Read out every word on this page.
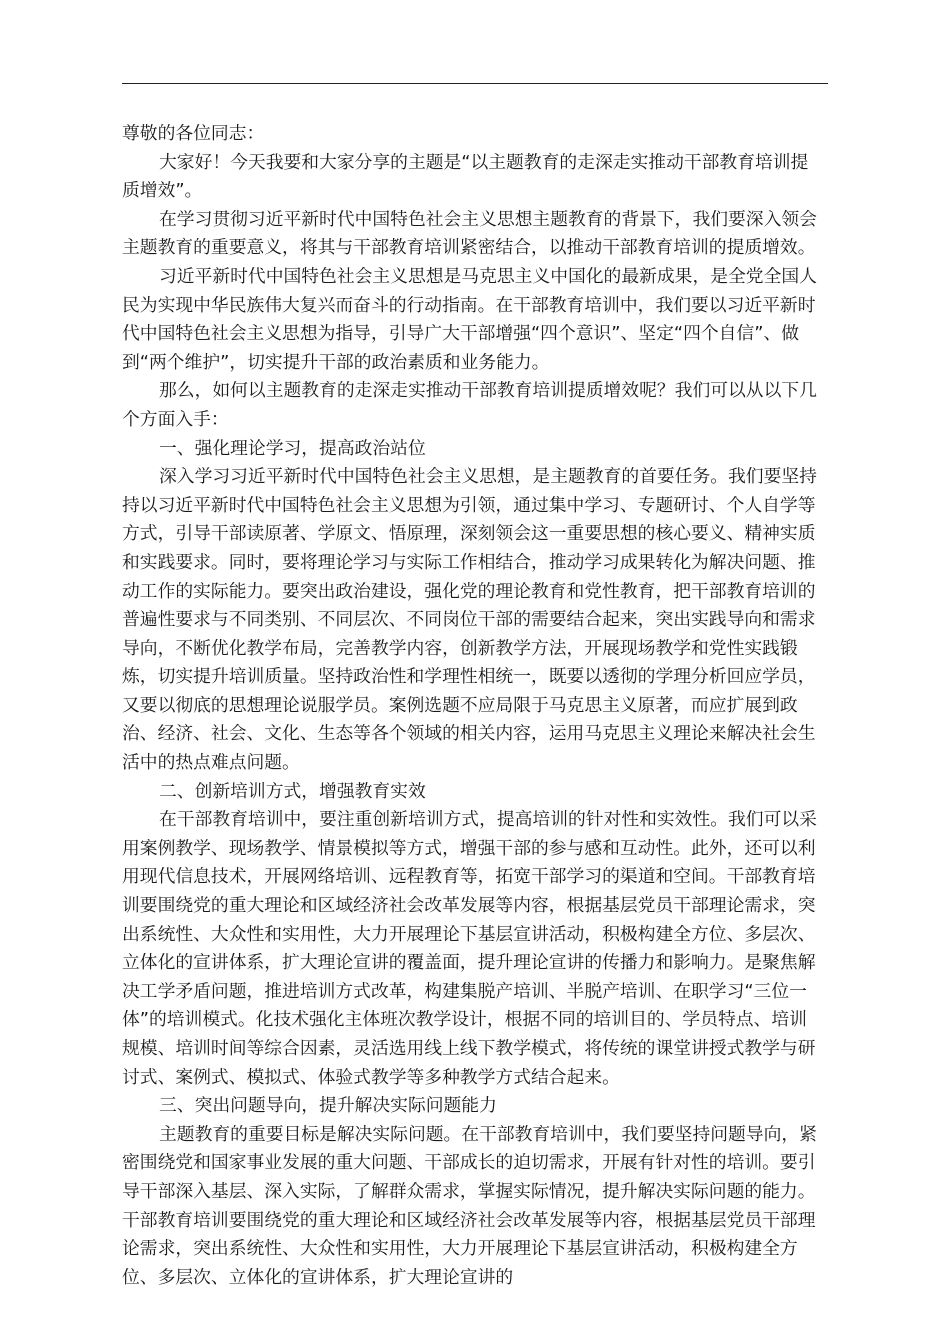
尊敬的各位同志：

大家好！今天我要和大家分享的主题是“以主题教育的走深走实推动干部教育培训提质增效”。

在学习贯彻习近平新时代中国特色社会主义思想主题教育的背景下，我们要深入领会主题教育的重要意义，将其与干部教育培训紧密结合，以推动干部教育培训的提质增效。

习近平新时代中国特色社会主义思想是马克思主义中国化的最新成果，是全党全国人民为实现中华民族伟大复兴而奋斗的行动指南。在干部教育培训中，我们要以习近平新时代中国特色社会主义思想为指导，引导广大干部增强“四个意识”、坚定“四个自信”、做到“两个维护”，切实提升干部的政治素质和业务能力。

那么，如何以主题教育的走深走实推动干部教育培训提质增效呢？我们可以从以下几个方面入手：

一、强化理论学习，提高政治站位

深入学习习近平新时代中国特色社会主义思想，是主题教育的首要任务。我们要坚持持以习近平新时代中国特色社会主义思想为引领，通过集中学习、专题研讨、个人自学等方式，引导干部读原著、学原文、悟原理，深刻领会这一重要思想的核心要义、精神实质和实践要求。同时，要将理论学习与实际工作相结合，推动学习成果转化为解决问题、推动工作的实际能力。要突出政治建设，强化党的理论教育和党性教育，把干部教育培训的普遍性要求与不同类别、不同层次、不同岗位干部的需要结合起来，突出实践导向和需求导向，不断优化教学布局，完善教学内容，创新教学方法，开展现场教学和党性实践锻炼，切实提升培训质量。坚持政治性和学理性相统一，既要以透彻的学理分析回应学员，又要以彻底的思想理论说服学员。案例选题不应局限于马克思主义原著，而应扩展到政治、经济、社会、文化、生态等各个领域的相关内容，运用马克思主义理论来解决社会生活中的热点难点问题。

二、创新培训方式，增强教育实效

在干部教育培训中，要注重创新培训方式，提高培训的针对性和实效性。我们可以采用案例教学、现场教学、情景模拟等方式，增强干部的参与感和互动性。此外，还可以利用现代信息技术，开展网络培训、远程教育等，拓宽干部学习的渠道和空间。干部教育培训要围绕党的重大理论和区域经济社会改革发展等内容，根据基层党员干部理论需求，突出系统性、大众性和实用性，大力开展理论下基层宣讲活动，积极构建全方位、多层次、立体化的宣讲体系，扩大理论宣讲的覆盖面，提升理论宣讲的传播力和影响力。是聚焦解决工学矛盾问题，推进培训方式改革，构建集脱产培训、半脱产培训、在职学习“三位一体”的培训模式。化技术强化主体班次教学设计，根据不同的培训目的、学员特点、培训规模、培训时间等综合因素，灵活选用线上线下教学模式，将传统的课堂讲授式教学与研讨式、案例式、模拟式、体验式教学等多种教学方式结合起来。

三、突出问题导向，提升解决实际问题能力

主题教育的重要目标是解决实际问题。在干部教育培训中，我们要坚持问题导向，紧密围绕党和国家事业发展的重大问题、干部成长的迫切需求，开展有针对性的培训。要引导干部深入基层、深入实际，了解群众需求，掌握实际情况，提升解决实际问题的能力。干部教育培训要围绕党的重大理论和区域经济社会改革发展等内容，根据基层党员干部理论需求，突出系统性、大众性和实用性，大力开展理论下基层宣讲活动，积极构建全方位、多层次、立体化的宣讲体系，扩大理论宣讲的
